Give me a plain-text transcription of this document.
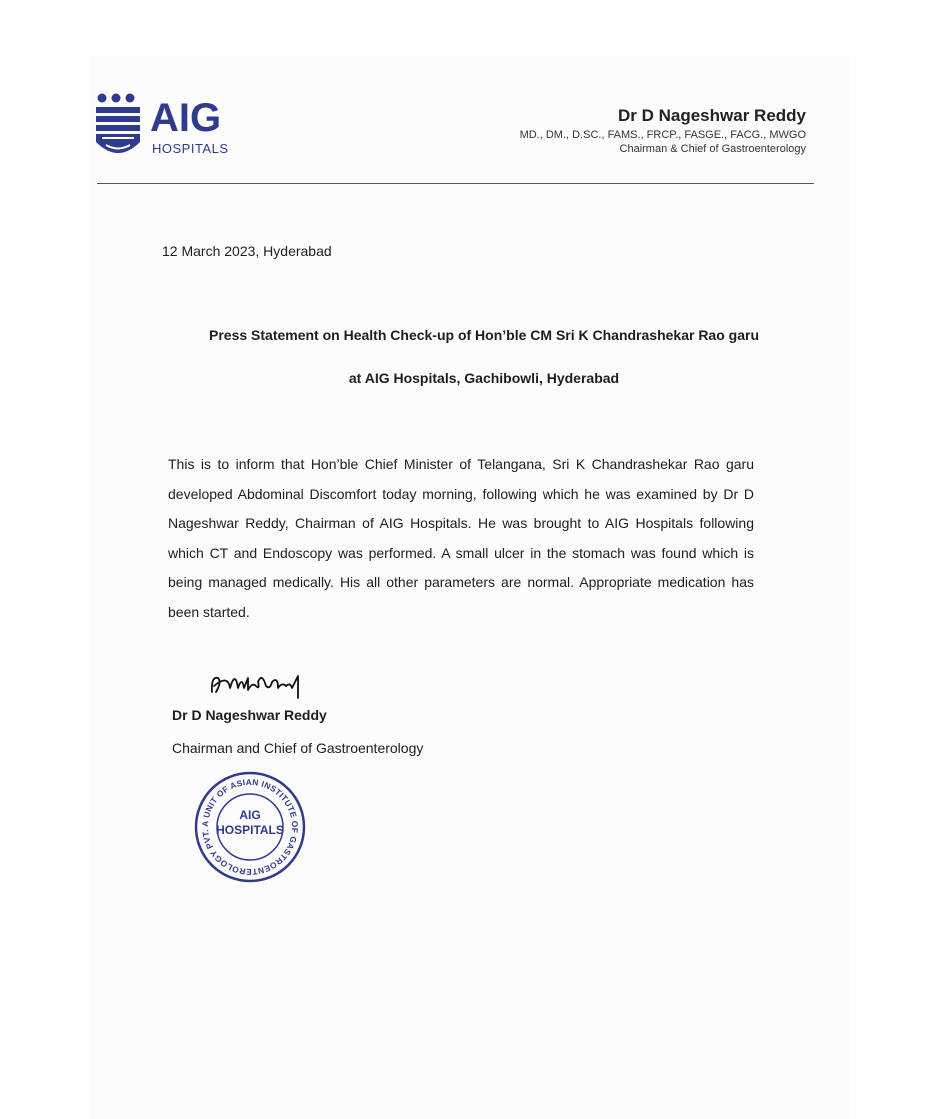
AIG
HOSPITALS
Dr D Nageshwar Reddy
MD., DM., D.SC., FAMS., FRCP., FASGE., FACG., MWGO
Chairman & Chief of Gastroenterology
12 March 2023, Hyderabad
Press Statement on Health Check-up of Hon’ble CM Sri K Chandrashekar Rao garu
at AIG Hospitals, Gachibowli, Hyderabad
This is to inform that Hon’ble Chief Minister of Telangana, Sri K Chandrashekar Rao garu developed Abdominal Discomfort today morning, following which he was examined by Dr D Nageshwar Reddy, Chairman of AIG Hospitals. He was brought to AIG Hospitals following which CT and Endoscopy was performed. A small ulcer in the stomach was found which is being managed medically. His all other parameters are normal. Appropriate medication has been started.
Dr D Nageshwar Reddy
Chairman and Chief of Gastroenterology
A UNIT OF ASIAN INSTITUTE OF GASTROENTEROLOGY PVT.
AIG
HOSPITALS
